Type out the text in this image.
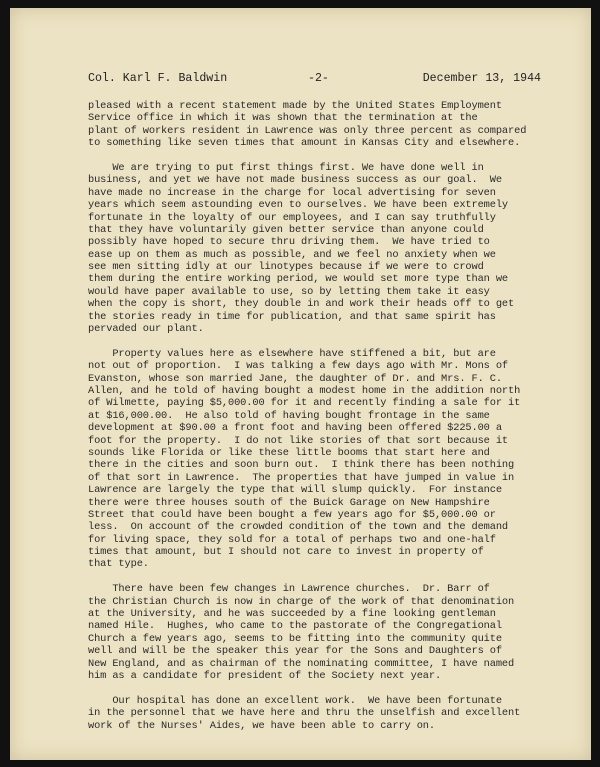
Col. Karl F. Baldwin	-2-	December 13, 1944
pleased with a recent statement made by the United States Employment
Service office in which it was shown that the termination at the
plant of workers resident in Lawrence was only three percent as compared
to something like seven times that amount in Kansas City and elsewhere.
We are trying to put first things first. We have done well in
business, and yet we have not made business success as our goal.  We
have made no increase in the charge for local advertising for seven
years which seem astounding even to ourselves. We have been extremely
fortunate in the loyalty of our employees, and I can say truthfully
that they have voluntarily given better service than anyone could
possibly have hoped to secure thru driving them.  We have tried to
ease up on them as much as possible, and we feel no anxiety when we
see men sitting idly at our linotypes because if we were to crowd
them during the entire working period, we would set more type than we
would have paper available to use, so by letting them take it easy
when the copy is short, they double in and work their heads off to get
the stories ready in time for publication, and that same spirit has
pervaded our plant.
Property values here as elsewhere have stiffened a bit, but are
not out of proportion.  I was talking a few days ago with Mr. Mons of
Evanston, whose son married Jane, the daughter of Dr. and Mrs. F. C.
Allen, and he told of having bought a modest home in the addition north
of Wilmette, paying $5,000.00 for it and recently finding a sale for it
at $16,000.00.  He also told of having bought frontage in the same
development at $90.00 a front foot and having been offered $225.00 a
foot for the property.  I do not like stories of that sort because it
sounds like Florida or like these little booms that start here and
there in the cities and soon burn out.  I think there has been nothing
of that sort in Lawrence.  The properties that have jumped in value in
Lawrence are largely the type that will slump quickly.  For instance
there were three houses south of the Buick Garage on New Hampshire
Street that could have been bought a few years ago for $5,000.00 or
less.  On account of the crowded condition of the town and the demand
for living space, they sold for a total of perhaps two and one-half
times that amount, but I should not care to invest in property of
that type.
There have been few changes in Lawrence churches.  Dr. Barr of
the Christian Church is now in charge of the work of that denomination
at the University, and he was succeeded by a fine looking gentleman
named Hile.  Hughes, who came to the pastorate of the Congregational
Church a few years ago, seems to be fitting into the community quite
well and will be the speaker this year for the Sons and Daughters of
New England, and as chairman of the nominating committee, I have named
him as a candidate for president of the Society next year.
Our hospital has done an excellent work.  We have been fortunate
in the personnel that we have here and thru the unselfish and excellent
work of the Nurses' Aides, we have been able to carry on.
